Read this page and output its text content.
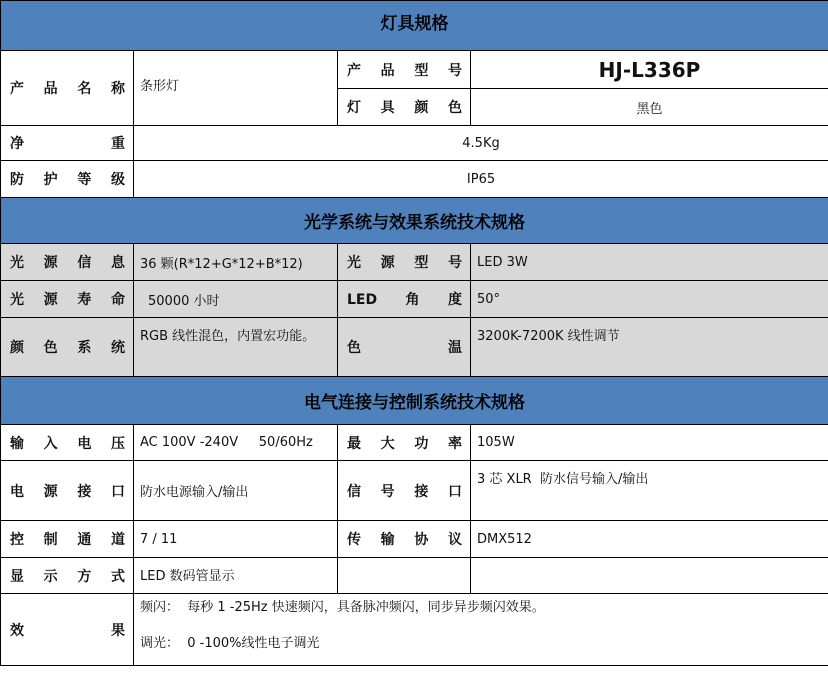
灯具规格			
产品名称	条形灯	产品型号	HJ-L336P
		灯具颜色	黑色
净重	4.5Kg		
防护等级	IP65		
光学系统与效果系统技术规格			
光源信息	36 颗(R*12+G*12+B*12)	光源型号	LED 3W
光源寿命	50000 小时	LED角度	50°
颜色系统	RGB 线性混色，内置宏功能。	色温	3200K-7200K 线性调节
电气连接与控制系统技术规格			
输入电压	AC 100V -240V     50/60Hz	最大功率	105W
电源接口	防水电源输入/输出	信号接口	3 芯 XLR  防水信号输入/输出
控制通道	7 / 11	传输协议	DMX512
显示方式	LED 数码管显示		
效果	频闪：  每秒 1 -25Hz 快速频闪，具备脉冲频闪，同步异步频闪效果。
调光：  0 -100%线性电子调光		
